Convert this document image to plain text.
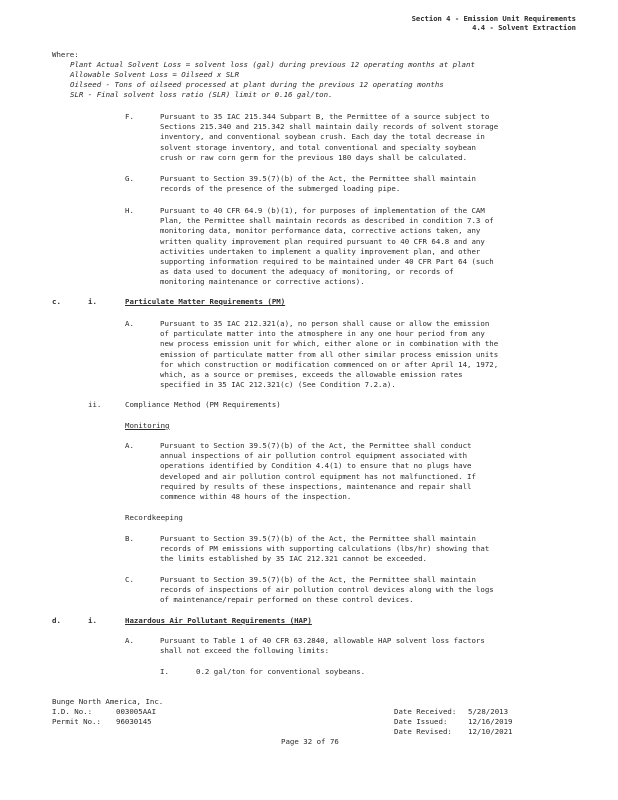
Section 4 - Emission Unit Requirements
4.4 - Solvent Extraction
Where:
Plant Actual Solvent Loss = solvent loss (gal) during previous 12 operating months at plant
Allowable Solvent Loss = Oilseed x SLR
Oilseed - Tons of oilseed processed at plant during the previous 12 operating months
SLR - Final solvent loss ratio (SLR) limit or 0.16 gal/ton.
F.	Pursuant to 35 IAC 215.344 Subpart B, the Permittee of a source subject to
Sections 215.340 and 215.342 shall maintain daily records of solvent storage
inventory, and conventional soybean crush. Each day the total decrease in
solvent storage inventory, and total conventional and specialty soybean
crush or raw corn germ for the previous 180 days shall be calculated.
G.	Pursuant to Section 39.5(7)(b) of the Act, the Permittee shall maintain
records of the presence of the submerged loading pipe.
H.	Pursuant to 40 CFR 64.9 (b)(1), for purposes of implementation of the CAM
Plan, the Permittee shall maintain records as described in condition 7.3 of
monitoring data, monitor performance data, corrective actions taken, any
written quality improvement plan required pursuant to 40 CFR 64.8 and any
activities undertaken to implement a quality improvement plan, and other
supporting information required to be maintained under 40 CFR Part 64 (such
as data used to document the adequacy of monitoring, or records of
monitoring maintenance or corrective actions).
c.	i.	Particulate Matter Requirements (PM)
A.	Pursuant to 35 IAC 212.321(a), no person shall cause or allow the emission
of particulate matter into the atmosphere in any one hour period from any
new process emission unit for which, either alone or in combination with the
emission of particulate matter from all other similar process emission units
for which construction or modification commenced on or after April 14, 1972,
which, as a source or premises, exceeds the allowable emission rates
specified in 35 IAC 212.321(c) (See Condition 7.2.a).
ii.	Compliance Method (PM Requirements)
Monitoring
A.	Pursuant to Section 39.5(7)(b) of the Act, the Permittee shall conduct
annual inspections of air pollution control equipment associated with
operations identified by Condition 4.4(1) to ensure that no plugs have
developed and air pollution control equipment has not malfunctioned. If
required by results of these inspections, maintenance and repair shall
commence within 48 hours of the inspection.
Recordkeeping
B.	Pursuant to Section 39.5(7)(b) of the Act, the Permittee shall maintain
records of PM emissions with supporting calculations (lbs/hr) showing that
the limits established by 35 IAC 212.321 cannot be exceeded.
C.	Pursuant to Section 39.5(7)(b) of the Act, the Permittee shall maintain
records of inspections of air pollution control devices along with the logs
of maintenance/repair performed on these control devices.
d.	i.	Hazardous Air Pollutant Requirements (HAP)
A.	Pursuant to Table 1 of 40 CFR 63.2840, allowable HAP solvent loss factors
shall not exceed the following limits:
I.	0.2 gal/ton for conventional soybeans.
Bunge North America, Inc.
I.D. No.:	003005AAI
Permit No.: 96030145
Date Received: 5/28/2013
Date Issued:	12/16/2019
Date Revised: 12/10/2021
Page 32 of 76
